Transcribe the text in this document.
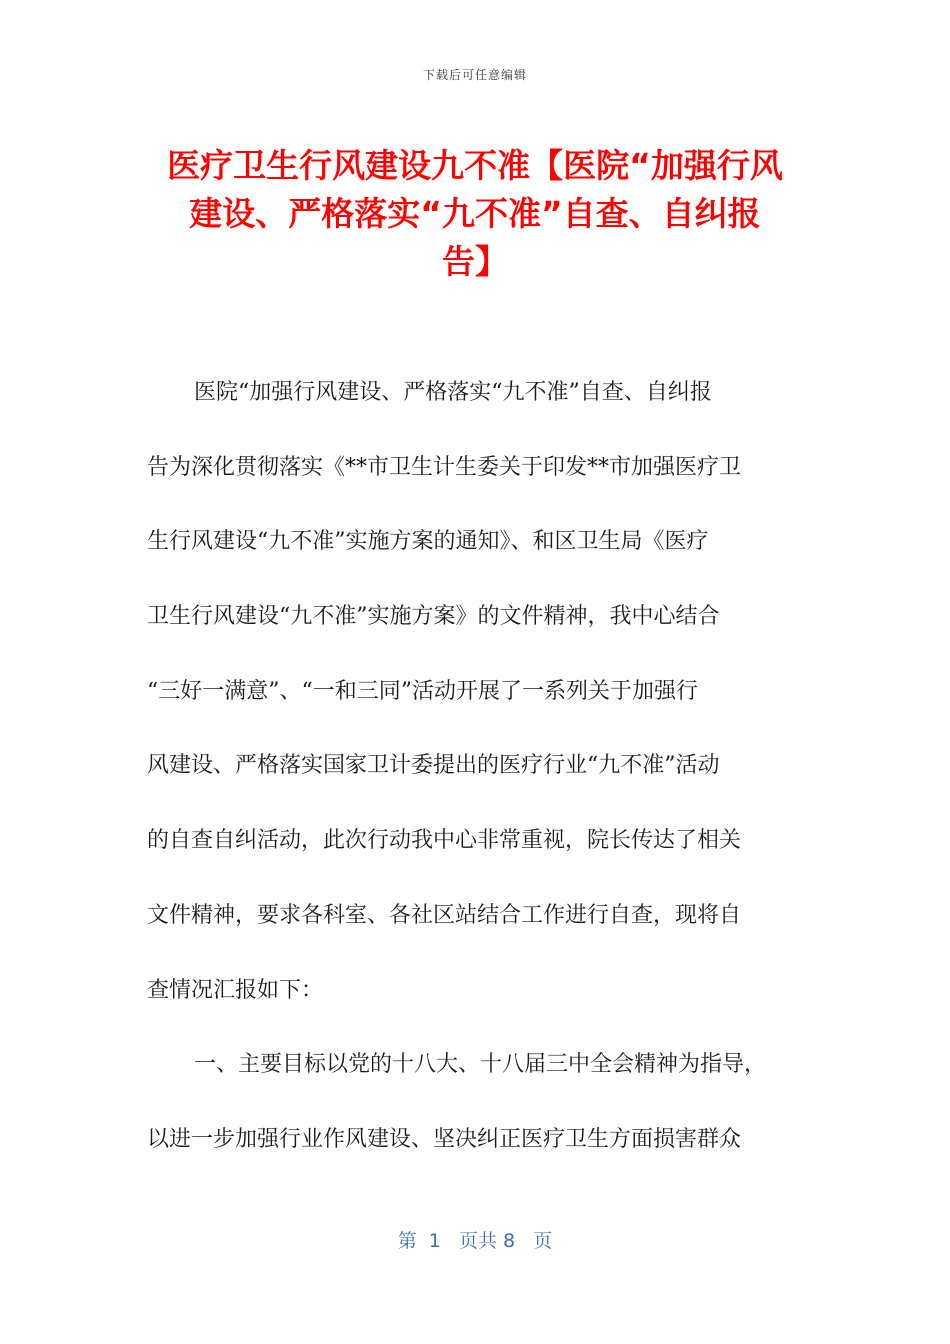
下载后可任意编辑
医疗卫生行风建设九不准【医院“加强行风
建设、严格落实“九不准”自查、自纠报
告】
医院“加强行风建设、严格落实“九不准”自查、自纠报
告为深化贯彻落实《**市卫生计生委关于印发**市加强医疗卫
生行风建设“九不准”实施方案的通知》、和区卫生局《医疗
卫生行风建设“九不准”实施方案》的文件精神，我中心结合
“三好一满意”、“一和三同”活动开展了一系列关于加强行
风建设、严格落实国家卫计委提出的医疗行业“九不准”活动
的自查自纠活动，此次行动我中心非常重视，院长传达了相关
文件精神，要求各科室、各社区站结合工作进行自查，现将自
查情况汇报如下：
一、主要目标以党的十八大、十八届三中全会精神为指导，
以进一步加强行业作风建设、坚决纠正医疗卫生方面损害群众
第  1   页共 8   页
